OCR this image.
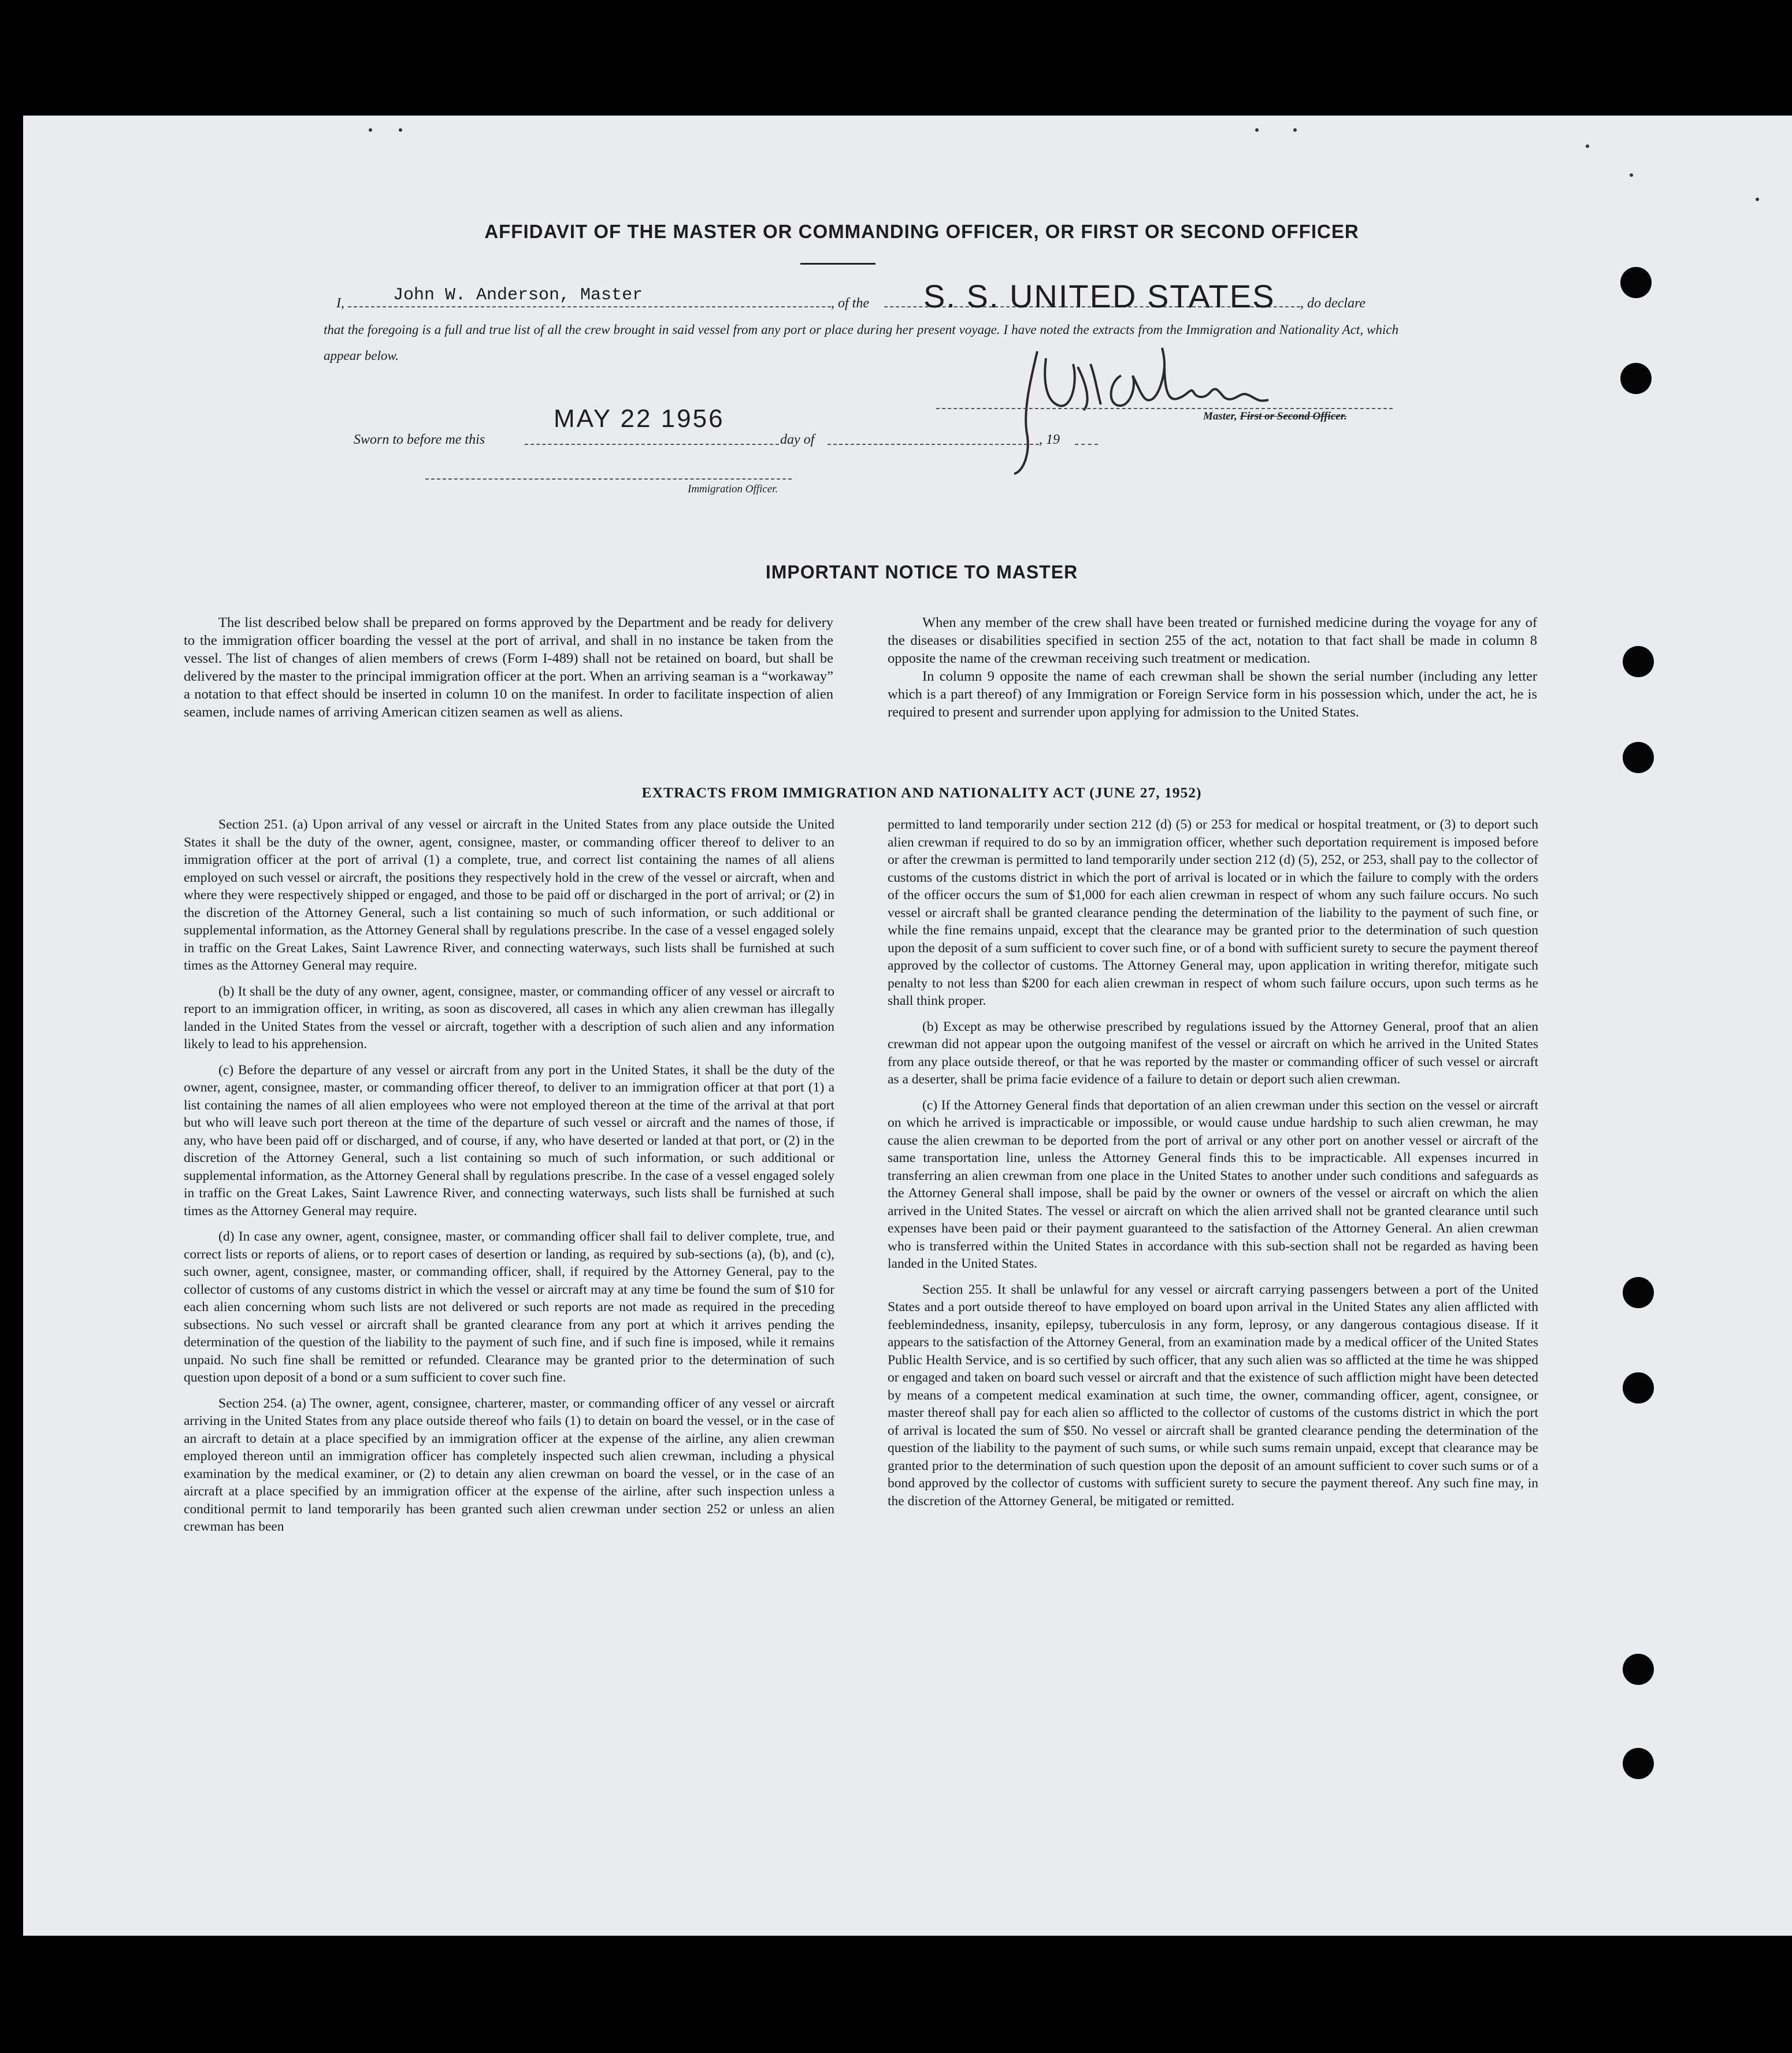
AFFIDAVIT OF THE MASTER OR COMMANDING OFFICER, OR FIRST OR SECOND OFFICER
I,	John W. Anderson, Master	, of the S. S. UNITED STATES , do declare
that the foregoing is a full and true list of all the crew brought in said vessel from any port or place during her present voyage. I have noted the extracts from the Immigration and Nationality Act, which appear below.
Master, First or Second Officer.
Sworn to before me this
MAY 22 1956
day of	, 19
Immigration Officer.
IMPORTANT NOTICE TO MASTER

The list described below shall be prepared on forms approved by the Department and be ready for delivery to the immigration officer boarding the vessel at the port of arrival, and shall in no instance be taken from the vessel. The list of changes of alien members of crews (Form I-489) shall not be retained on board, but shall be delivered by the master to the principal immigration officer at the port. When an arriving seaman is a “workaway” a notation to that effect should be inserted in column 10 on the manifest. In order to facilitate inspection of alien seamen, include names of arriving American citizen seamen as well as aliens.

When any member of the crew shall have been treated or furnished medicine during the voyage for any of the diseases or disabilities specified in section 255 of the act, notation to that fact shall be made in column 8 opposite the name of the crewman receiving such treatment or medication.

In column 9 opposite the name of each crewman shall be shown the serial number (including any letter which is a part thereof) of any Immigration or Foreign Service form in his possession which, under the act, he is required to present and surrender upon applying for admission to the United States.

EXTRACTS FROM IMMIGRATION AND NATIONALITY ACT (JUNE 27, 1952)

Section 251. (a) Upon arrival of any vessel or aircraft in the United States from any place outside the United States it shall be the duty of the owner, agent, consignee, master, or commanding officer thereof to deliver to an immigration officer at the port of arrival (1) a complete, true, and correct list containing the names of all aliens employed on such vessel or aircraft, the positions they respectively hold in the crew of the vessel or aircraft, when and where they were respectively shipped or engaged, and those to be paid off or discharged in the port of arrival; or (2) in the discretion of the Attorney General, such a list containing so much of such information, or such additional or supplemental information, as the Attorney General shall by regulations prescribe. In the case of a vessel engaged solely in traffic on the Great Lakes, Saint Lawrence River, and connecting waterways, such lists shall be furnished at such times as the Attorney General may require.

(b) It shall be the duty of any owner, agent, consignee, master, or commanding officer of any vessel or aircraft to report to an immigration officer, in writing, as soon as discovered, all cases in which any alien crewman has illegally landed in the United States from the vessel or aircraft, together with a description of such alien and any information likely to lead to his apprehension.

(c) Before the departure of any vessel or aircraft from any port in the United States, it shall be the duty of the owner, agent, consignee, master, or commanding officer thereof, to deliver to an immigration officer at that port (1) a list containing the names of all alien employees who were not employed thereon at the time of the arrival at that port but who will leave such port thereon at the time of the departure of such vessel or aircraft and the names of those, if any, who have been paid off or discharged, and of course, if any, who have deserted or landed at that port, or (2) in the discretion of the Attorney General, such a list containing so much of such information, or such additional or supplemental information, as the Attorney General shall by regulations prescribe. In the case of a vessel engaged solely in traffic on the Great Lakes, Saint Lawrence River, and connecting waterways, such lists shall be furnished at such times as the Attorney General may require.

(d) In case any owner, agent, consignee, master, or commanding officer shall fail to deliver complete, true, and correct lists or reports of aliens, or to report cases of desertion or landing, as required by sub-sections (a), (b), and (c), such owner, agent, consignee, master, or commanding officer, shall, if required by the Attorney General, pay to the collector of customs of any customs district in which the vessel or aircraft may at any time be found the sum of $10 for each alien concerning whom such lists are not delivered or such reports are not made as required in the preceding subsections. No such vessel or aircraft shall be granted clearance from any port at which it arrives pending the determination of the question of the liability to the payment of such fine, and if such fine is imposed, while it remains unpaid. No such fine shall be remitted or refunded. Clearance may be granted prior to the determination of such question upon deposit of a bond or a sum sufficient to cover such fine.

Section 254. (a) The owner, agent, consignee, charterer, master, or commanding officer of any vessel or aircraft arriving in the United States from any place outside thereof who fails (1) to detain on board the vessel, or in the case of an aircraft to detain at a place specified by an immigration officer at the expense of the airline, any alien crewman employed thereon until an immigration officer has completely inspected such alien crewman, including a physical examination by the medical examiner, or (2) to detain any alien crewman on board the vessel, or in the case of an aircraft at a place specified by an immigration officer at the expense of the airline, after such inspection unless a conditional permit to land temporarily has been granted such alien crewman under section 252 or unless an alien crewman has been

permitted to land temporarily under section 212 (d) (5) or 253 for medical or hospital treatment, or (3) to deport such alien crewman if required to do so by an immigration officer, whether such deportation requirement is imposed before or after the crewman is permitted to land temporarily under section 212 (d) (5), 252, or 253, shall pay to the collector of customs of the customs district in which the port of arrival is located or in which the failure to comply with the orders of the officer occurs the sum of $1,000 for each alien crewman in respect of whom any such failure occurs. No such vessel or aircraft shall be granted clearance pending the determination of the liability to the payment of such fine, or while the fine remains unpaid, except that the clearance may be granted prior to the determination of such question upon the deposit of a sum sufficient to cover such fine, or of a bond with sufficient surety to secure the payment thereof approved by the collector of customs. The Attorney General may, upon application in writing therefor, mitigate such penalty to not less than $200 for each alien crewman in respect of whom such failure occurs, upon such terms as he shall think proper.

(b) Except as may be otherwise prescribed by regulations issued by the Attorney General, proof that an alien crewman did not appear upon the outgoing manifest of the vessel or aircraft on which he arrived in the United States from any place outside thereof, or that he was reported by the master or commanding officer of such vessel or aircraft as a deserter, shall be prima facie evidence of a failure to detain or deport such alien crewman.

(c) If the Attorney General finds that deportation of an alien crewman under this section on the vessel or aircraft on which he arrived is impracticable or impossible, or would cause undue hardship to such alien crewman, he may cause the alien crewman to be deported from the port of arrival or any other port on another vessel or aircraft of the same transportation line, unless the Attorney General finds this to be impracticable. All expenses incurred in transferring an alien crewman from one place in the United States to another under such conditions and safeguards as the Attorney General shall impose, shall be paid by the owner or owners of the vessel or aircraft on which the alien arrived in the United States. The vessel or aircraft on which the alien arrived shall not be granted clearance until such expenses have been paid or their payment guaranteed to the satisfaction of the Attorney General. An alien crewman who is transferred within the United States in accordance with this sub-section shall not be regarded as having been landed in the United States.

Section 255. It shall be unlawful for any vessel or aircraft carrying passengers between a port of the United States and a port outside thereof to have employed on board upon arrival in the United States any alien afflicted with feeblemindedness, insanity, epilepsy, tuberculosis in any form, leprosy, or any dangerous contagious disease. If it appears to the satisfaction of the Attorney General, from an examination made by a medical officer of the United States Public Health Service, and is so certified by such officer, that any such alien was so afflicted at the time he was shipped or engaged and taken on board such vessel or aircraft and that the existence of such affliction might have been detected by means of a competent medical examination at such time, the owner, commanding officer, agent, consignee, or master thereof shall pay for each alien so afflicted to the collector of customs of the customs district in which the port of arrival is located the sum of $50. No vessel or aircraft shall be granted clearance pending the determination of the question of the liability to the payment of such sums, or while such sums remain unpaid, except that clearance may be granted prior to the determination of such question upon the deposit of an amount sufficient to cover such sums or of a bond approved by the collector of customs with sufficient surety to secure the payment thereof. Any such fine may, in the discretion of the Attorney General, be mitigated or remitted.
